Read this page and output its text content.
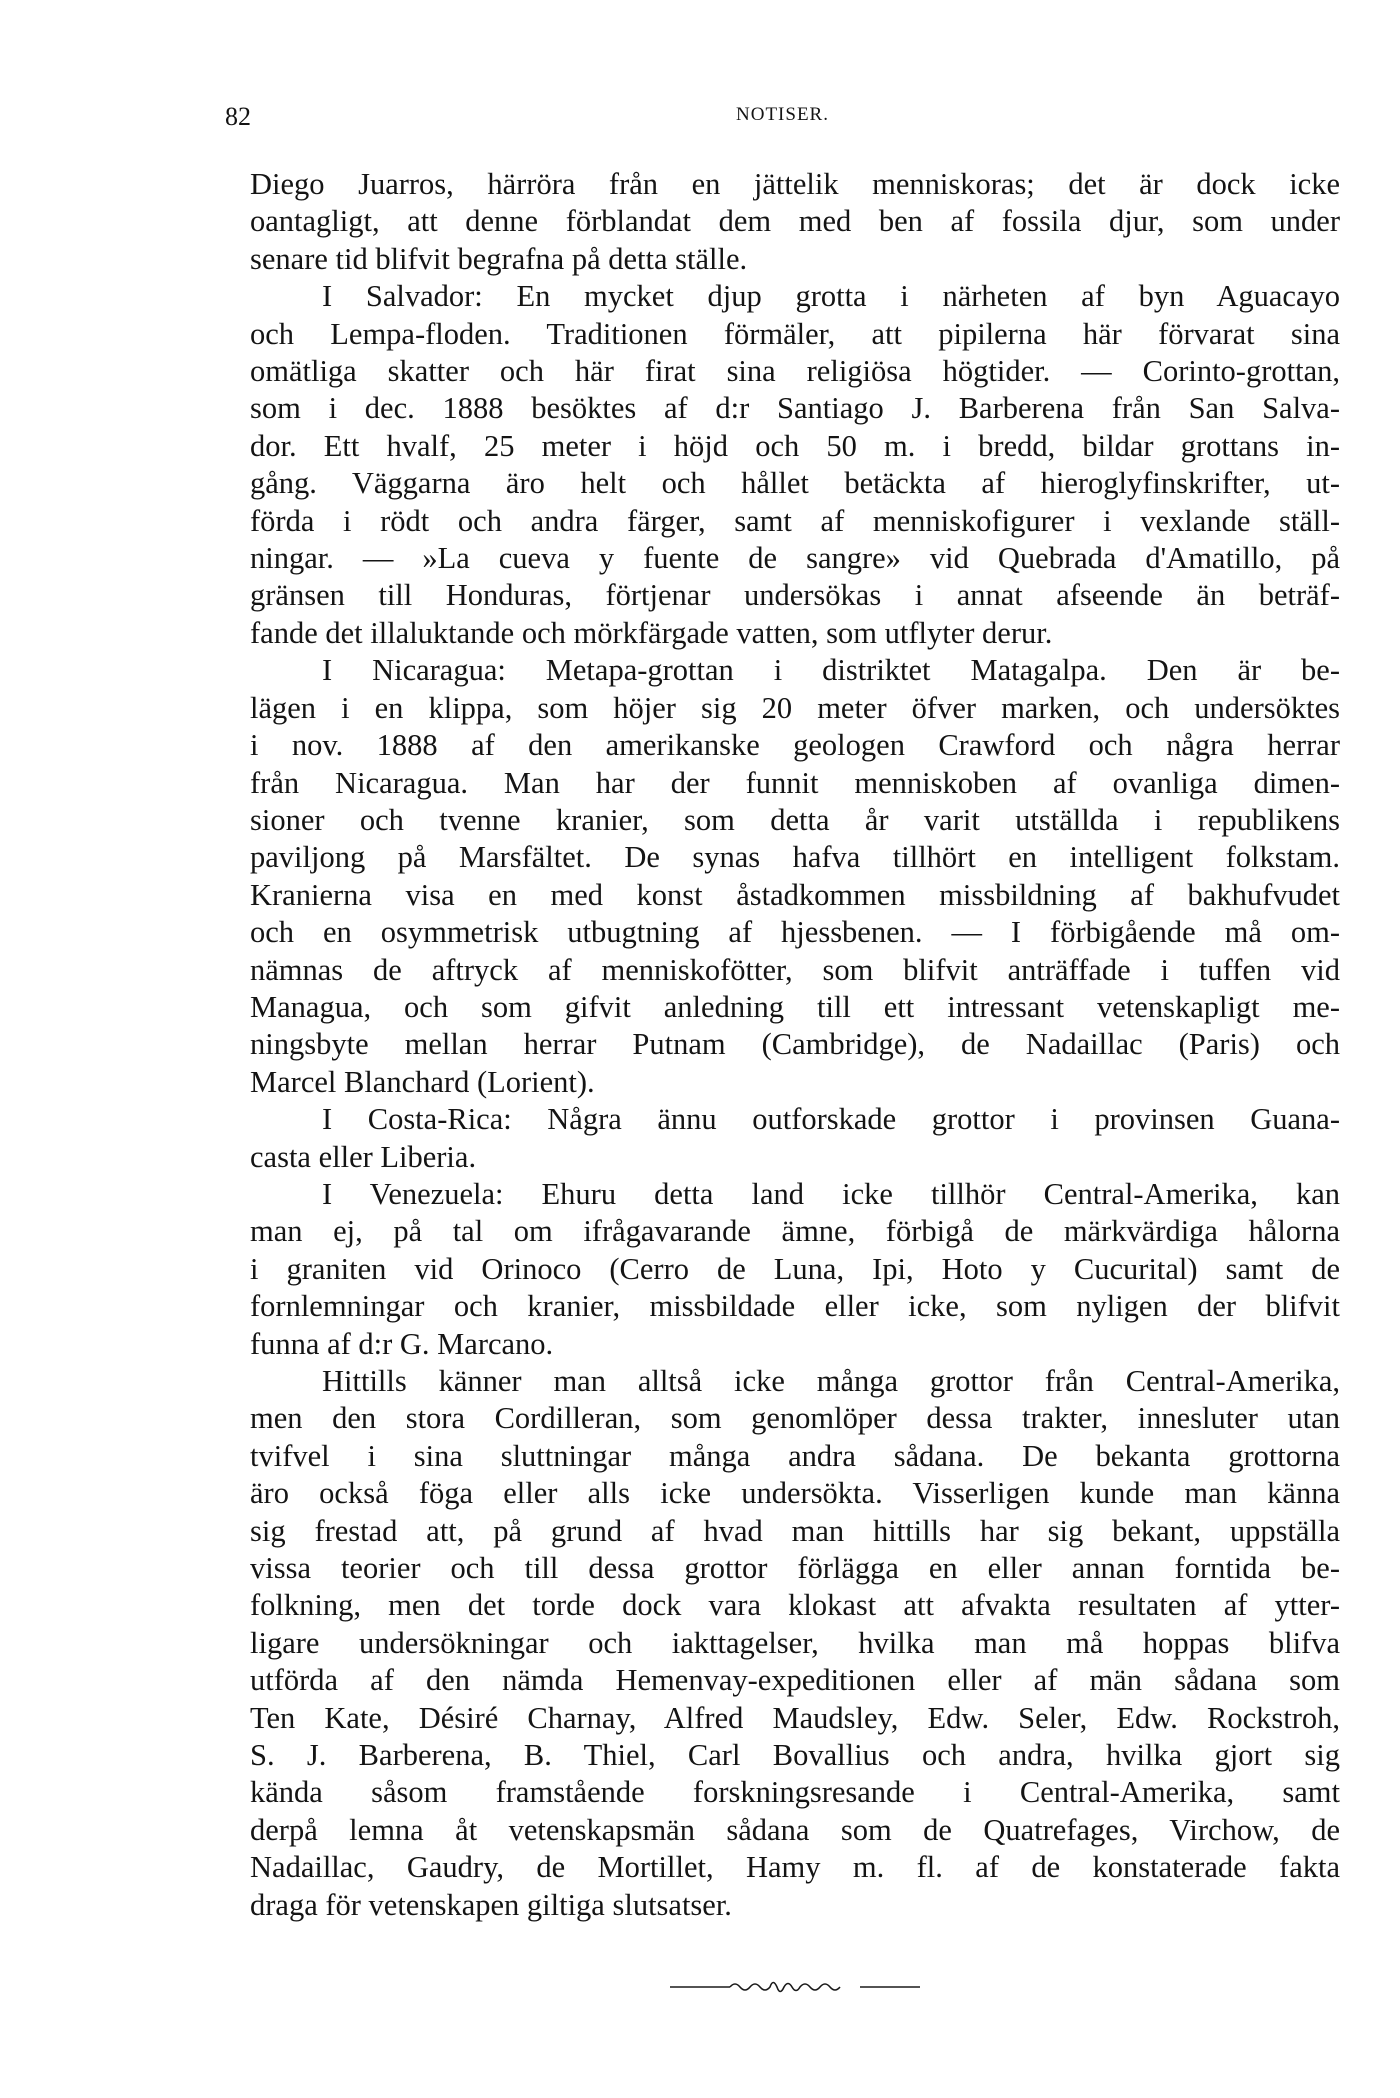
82	NOTISER.
Diego Juarros, härröra från en jättelik menniskoras; det är dock icke
oantagligt, att denne förblandat dem med ben af fossila djur, som under
senare tid blifvit begrafna på detta ställe.
I Salvador: En mycket djup grotta i närheten af byn Aguacayo
och Lempa-floden. Traditionen förmäler, att pipilerna här förvarat sina
omätliga skatter och här firat sina religiösa högtider. — Corinto-grottan,
som i dec. 1888 besöktes af d:r Santiago J. Barberena från San Salva-
dor. Ett hvalf, 25 meter i höjd och 50 m. i bredd, bildar grottans in-
gång. Väggarna äro helt och hållet betäckta af hieroglyfinskrifter, ut-
förda i rödt och andra färger, samt af menniskofigurer i vexlande ställ-
ningar. — »La cueva y fuente de sangre» vid Quebrada d'Amatillo, på
gränsen till Honduras, förtjenar undersökas i annat afseende än beträf-
fande det illaluktande och mörkfärgade vatten, som utflyter derur.
I Nicaragua: Metapa-grottan i distriktet Matagalpa. Den är be-
lägen i en klippa, som höjer sig 20 meter öfver marken, och undersöktes
i nov. 1888 af den amerikanske geologen Crawford och några herrar
från Nicaragua. Man har der funnit menniskoben af ovanliga dimen-
sioner och tvenne kranier, som detta år varit utställda i republikens
paviljong på Marsfältet. De synas hafva tillhört en intelligent folkstam.
Kranierna visa en med konst åstadkommen missbildning af bakhufvudet
och en osymmetrisk utbugtning af hjessbenen. — I förbigående må om-
nämnas de aftryck af menniskofötter, som blifvit anträffade i tuffen vid
Managua, och som gifvit anledning till ett intressant vetenskapligt me-
ningsbyte mellan herrar Putnam (Cambridge), de Nadaillac (Paris) och
Marcel Blanchard (Lorient).
I Costa-Rica: Några ännu outforskade grottor i provinsen Guana-
casta eller Liberia.
I Venezuela: Ehuru detta land icke tillhör Central-Amerika, kan
man ej, på tal om ifrågavarande ämne, förbigå de märkvärdiga hålorna
i graniten vid Orinoco (Cerro de Luna, Ipi, Hoto y Cucurital) samt de
fornlemningar och kranier, missbildade eller icke, som nyligen der blifvit
funna af d:r G. Marcano.
Hittills känner man alltså icke många grottor från Central-Amerika,
men den stora Cordilleran, som genomlöper dessa trakter, innesluter utan
tvifvel i sina sluttningar många andra sådana. De bekanta grottorna
äro också föga eller alls icke undersökta. Visserligen kunde man känna
sig frestad att, på grund af hvad man hittills har sig bekant, uppställa
vissa teorier och till dessa grottor förlägga en eller annan forntida be-
folkning, men det torde dock vara klokast att afvakta resultaten af ytter-
ligare undersökningar och iakttagelser, hvilka man må hoppas blifva
utförda af den nämda Hemenvay-expeditionen eller af män sådana som
Ten Kate, Désiré Charnay, Alfred Maudsley, Edw. Seler, Edw. Rockstroh,
S. J. Barberena, B. Thiel, Carl Bovallius och andra, hvilka gjort sig
kända såsom framstående forskningsresande i Central-Amerika, samt
derpå lemna åt vetenskapsmän sådana som de Quatrefages, Virchow, de
Nadaillac, Gaudry, de Mortillet, Hamy m. fl. af de konstaterade fakta
draga för vetenskapen giltiga slutsatser.
